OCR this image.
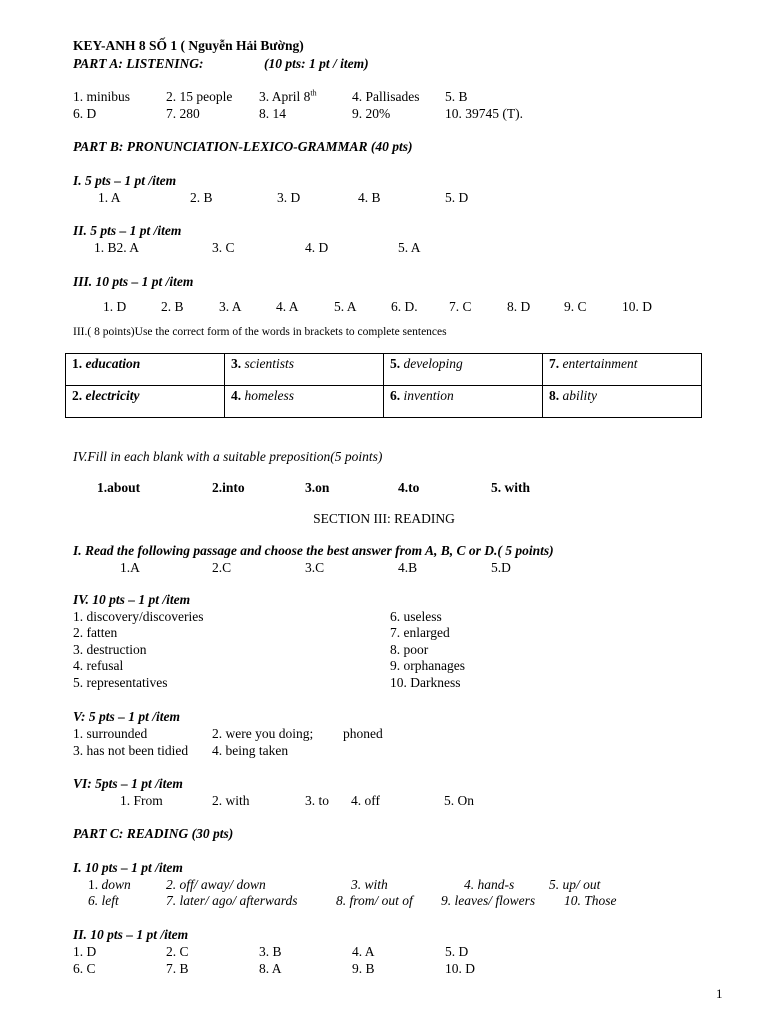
KEY-ANH 8 SỐ 1 ( Nguyễn Hải Bường)
PART A: LISTENING:	(10 pts: 1 pt / item)
1. minibus	2. 15 people 3. April 8th	4. Pallisades 5. B
6. D	7. 280	8. 14	9. 20%	10. 39745 (T).
PART B: PRONUNCIATION-LEXICO-GRAMMAR (40 pts)
I. 5 pts – 1 pt /item
1. A	2. B	3. D	4. B	5. D
II. 5 pts – 1 pt /item
1. B2. A	3. C	4. D	5. A
III. 10 pts – 1 pt /item
1. D	2. B	3. A	4. A	5. A	6. D. 7. C	8. D	9. C	10. D
III.( 8 points)Use the correct form of the words in brackets to complete sentences
1. education	3. scientists	5. developing	7. entertainment
2. electricity	4. homeless	6. invention	8. ability
IV.Fill in each blank with a suitable preposition(5 points)
1.about	2.into	3.on	4.to	5. with
SECTION III: READING
I. Read the following passage and choose the best answer from A, B, C or D.( 5 points)
1.A	2.C	3.C	4.B	5.D
IV. 10 pts – 1 pt /item
1. discovery/discoveries
2. fatten
3. destruction
4. refusal
5. representatives
6. useless
7. enlarged
8. poor
9. orphanages
10. Darkness
V: 5 pts – 1 pt /item
1. surrounded	2. were you doing; phoned
3. has not been tidied 4. being taken
VI: 5pts – 1 pt /item
1. From	2. with	3. to 4. off	5. On
PART C: READING (30 pts)
I. 10 pts – 1 pt /item
1. down	2. off/ away/ down	3. with	4. hand-s	5. up/ out
6. left	7. later/ ago/ afterwards	8. from/ out of 9. leaves/ flowers 10. Those
II. 10 pts – 1 pt /item
1. D	2. C	3. B	4. A	5. D
6. C	7. B	8. A	9. B	10. D
1
